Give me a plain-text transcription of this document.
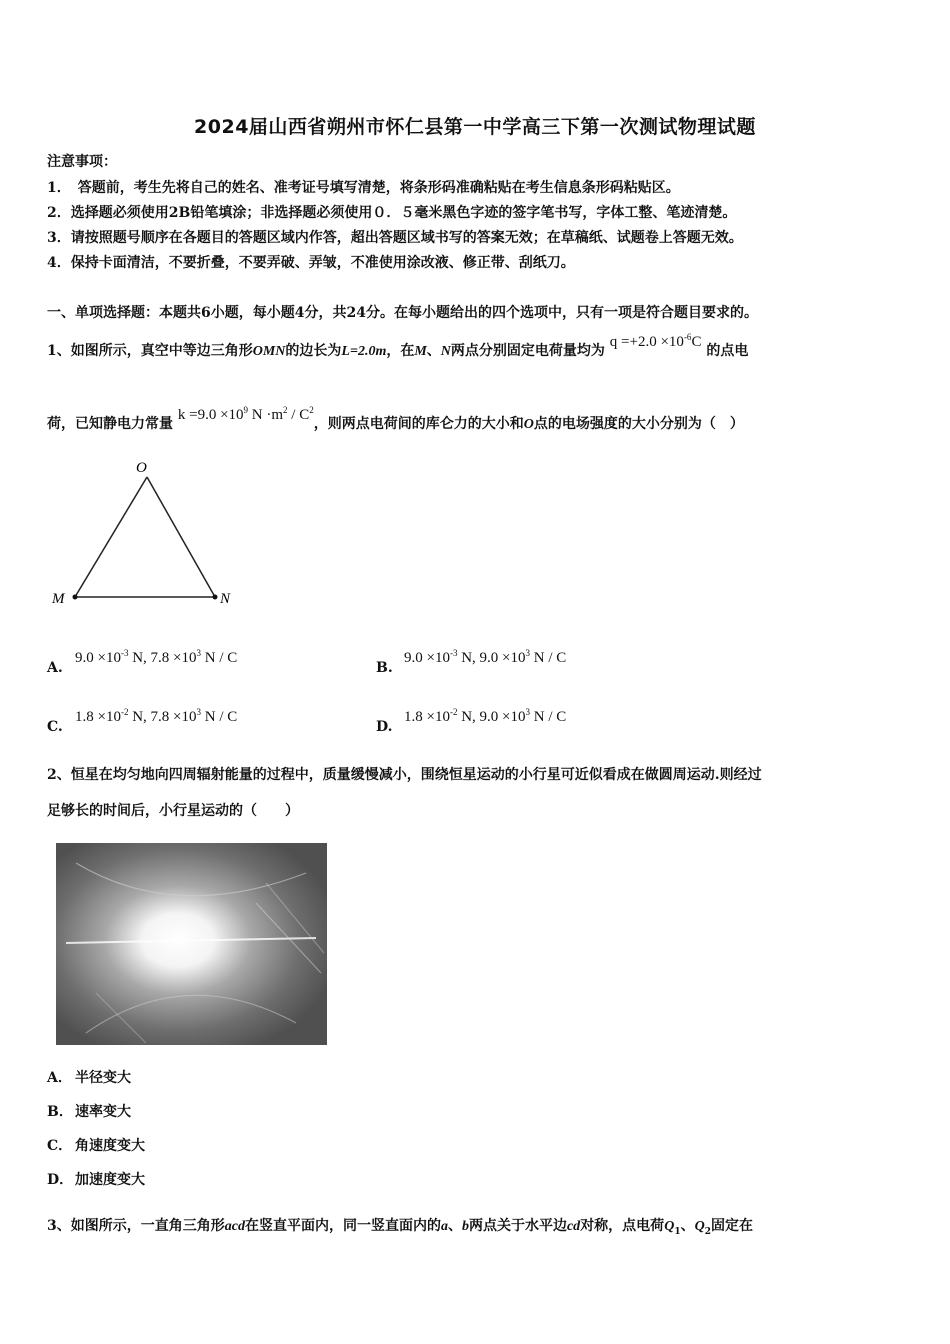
2024届山西省朔州市怀仁县第一中学高三下第一次测试物理试题
注意事项：
1．　答题前，考生先将自己的姓名、准考证号填写清楚，将条形码准确粘贴在考生信息条形码粘贴区。
2．选择题必须使用2B铅笔填涂；非选择题必须使用０．５毫米黑色字迹的签字笔书写，字体工整、笔迹清楚。
3．请按照题号顺序在各题目的答题区域内作答，超出答题区域书写的答案无效；在草稿纸、试题卷上答题无效。
4．保持卡面清洁，不要折叠，不要弄破、弄皱，不准使用涂改液、修正带、刮纸刀。
一、单项选择题：本题共6小题，每小题4分，共24分。在每小题给出的四个选项中，只有一项是符合题目要求的。
1、如图所示，真空中等边三角形OMN的边长为L=2.0m，在M、N两点分别固定电荷量均为 $q =+2.0 \times 10^{-6}C$ 的点电
荷，已知静电力常量 $k =9.0 \times 10^9$ $N \cdot m^2 / C^2$，则两点电荷间的库仑力的大小和O点的电场强度的大小分别为（　）
O
M	N
$A.9.0 \times 10^{-3}$ N, $7.8 \times 10^3$ N / C
$B.9.0 \times 10^{-3}$ N, $9.0 \times 10^3$ N / C
$C.1.8 \times 10^{-2}$ N, $7.8 \times 10^3$ N / C
$D.1.8 \times 10^{-2}$ N, $9.0 \times 10^3$ N / C
2、恒星在均匀地向四周辐射能量的过程中，质量缓慢减小，围绕恒星运动的小行星可近似看成在做圆周运动.则经过
足够长的时间后，小行星运动的（　　）
A． 半径变大
B． 速率变大
C． 角速度变大
D． 加速度变大
3、如图所示，一直角三角形acd在竖直平面内，同一竖直面内的a、b两点关于水平边cd对称，点电荷$Q_1$、$Q_2$固定在
